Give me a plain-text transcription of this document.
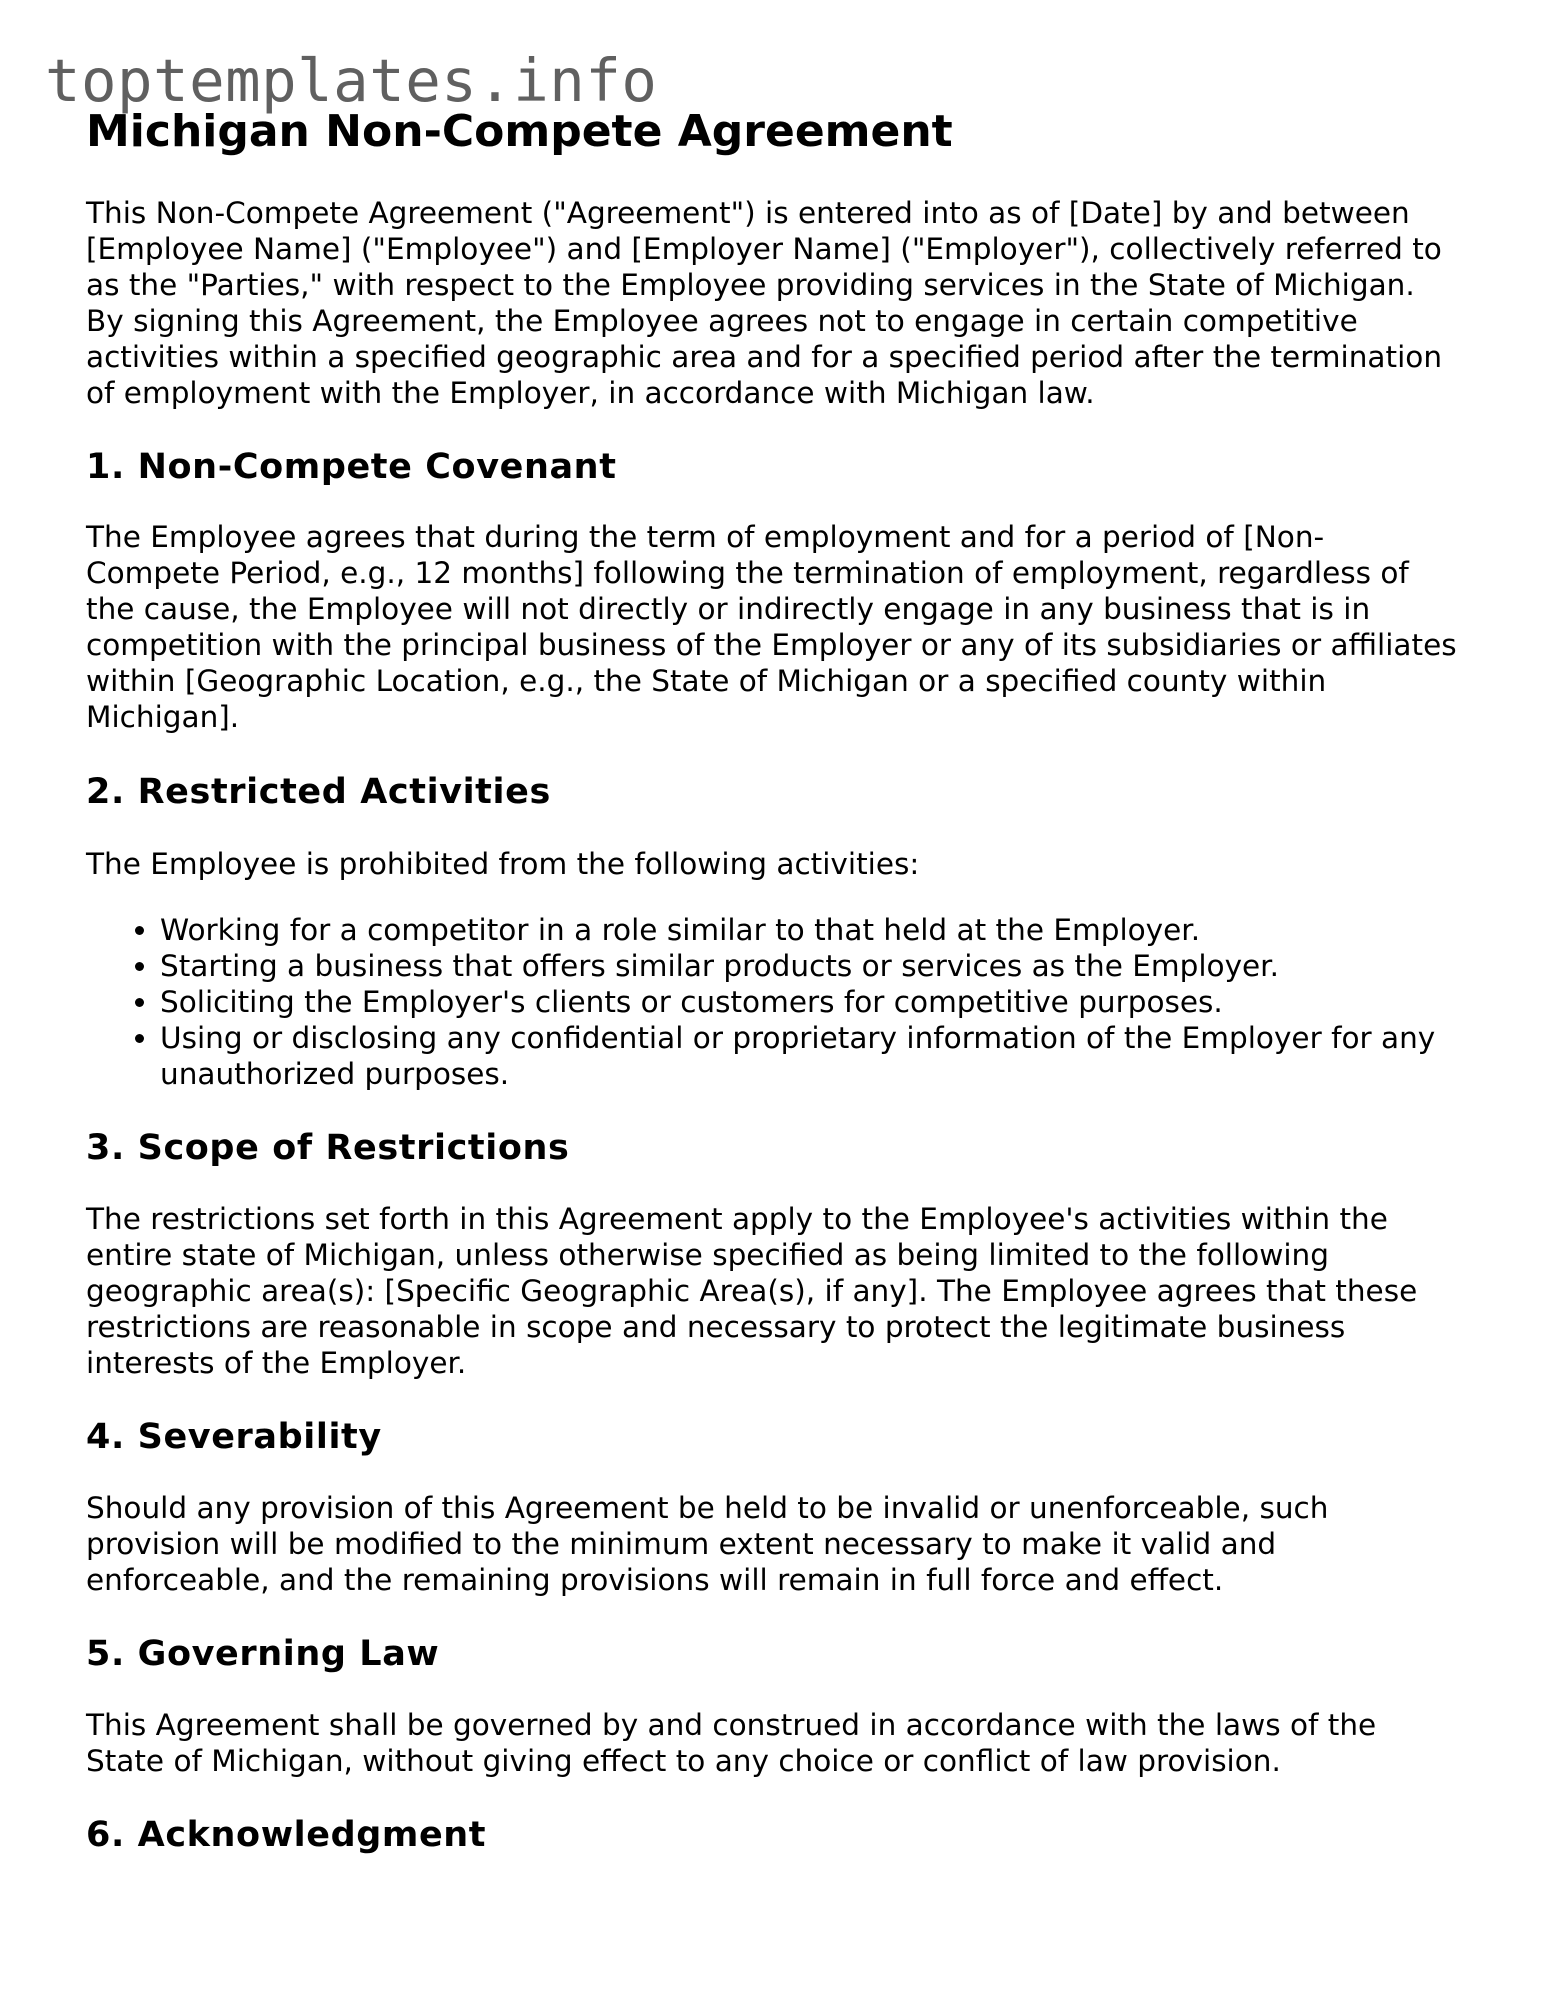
toptemplates.info
Michigan Non-Compete Agreement

This Non-Compete Agreement ("Agreement") is entered into as of [Date] by and between [Employee Name] ("Employee") and [Employer Name] ("Employer"), collectively referred to as the "Parties," with respect to the Employee providing services in the State of Michigan. By signing this Agreement, the Employee agrees not to engage in certain competitive activities within a specified geographic area and for a specified period after the termination of employment with the Employer, in accordance with Michigan law.

1. Non-Compete Covenant

The Employee agrees that during the term of employment and for a period of [Non-Compete Period, e.g., 12 months] following the termination of employment, regardless of the cause, the Employee will not directly or indirectly engage in any business that is in competition with the principal business of the Employer or any of its subsidiaries or affiliates within [Geographic Location, e.g., the State of Michigan or a specified county within Michigan].

2. Restricted Activities

The Employee is prohibited from the following activities:

• Working for a competitor in a role similar to that held at the Employer.
• Starting a business that offers similar products or services as the Employer.
• Soliciting the Employer's clients or customers for competitive purposes.
• Using or disclosing any confidential or proprietary information of the Employer for any unauthorized purposes.
3. Scope of Restrictions

The restrictions set forth in this Agreement apply to the Employee's activities within the entire state of Michigan, unless otherwise specified as being limited to the following geographic area(s): [Specific Geographic Area(s), if any]. The Employee agrees that these restrictions are reasonable in scope and necessary to protect the legitimate business interests of the Employer.

4. Severability

Should any provision of this Agreement be held to be invalid or unenforceable, such provision will be modified to the minimum extent necessary to make it valid and enforceable, and the remaining provisions will remain in full force and effect.

5. Governing Law

This Agreement shall be governed by and construed in accordance with the laws of the State of Michigan, without giving effect to any choice or conflict of law provision.

6. Acknowledgment
